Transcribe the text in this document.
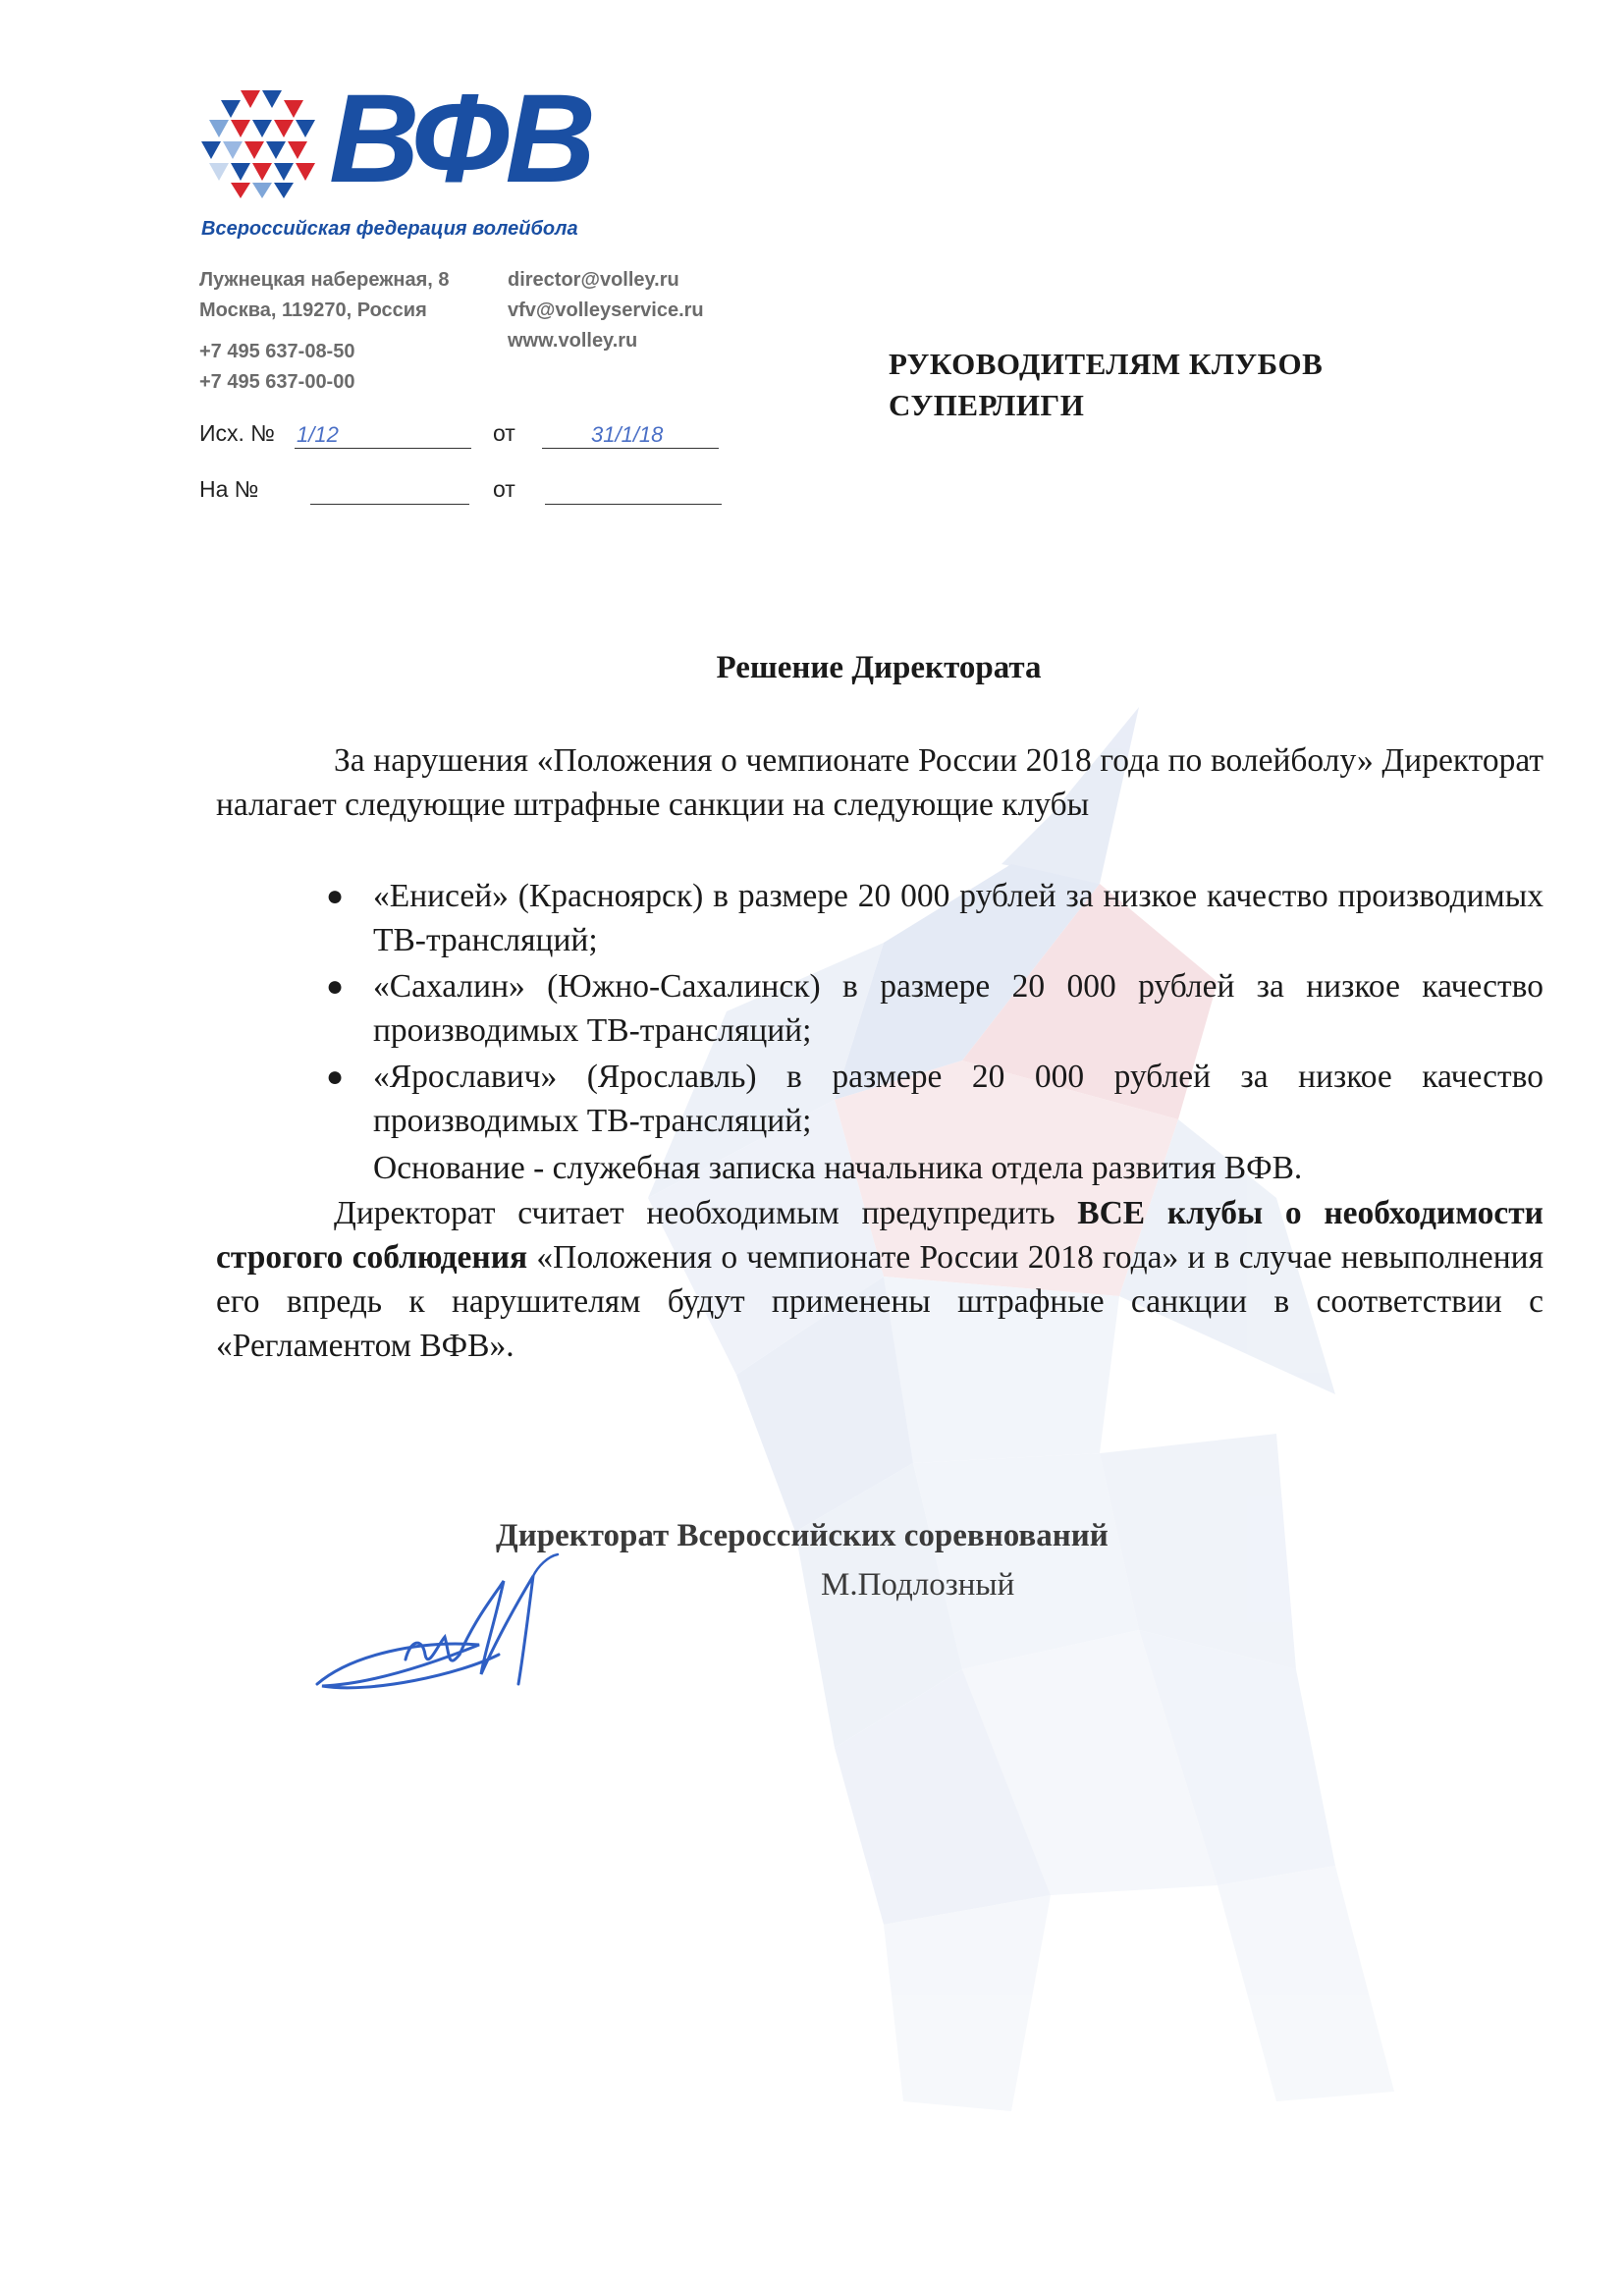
ВФВ
Всероссийская федерация волейбола
Лужнецкая набережная, 8
Москва, 119270, Россия
+7 495 637-08-50
+7 495 637-00-00
director@volley.ru
vfv@volleyservice.ru
www.volley.ru
Исх. № 1/12	от	31/1/18
На №	от
РУКОВОДИТЕЛЯМ КЛУБОВ
СУПЕРЛИГИ
Решение Директората
За нарушения «Положения о чемпионате России 2018 года по волейболу» Директорат налагает следующие штрафные санкции на следующие клубы
● «Енисей» (Красноярск) в размере 20 000 рублей за низкое качество производимых ТВ-трансляций;
● «Сахалин» (Южно-Сахалинск) в размере 20 000 рублей за низкое качество производимых ТВ-трансляций;
● «Ярославич» (Ярославль) в размере 20 000 рублей за низкое качество производимых ТВ-трансляций;
Основание - служебная записка начальника отдела развития ВФВ.
Директорат считает необходимым предупредить ВСЕ клубы о необходимости строгого соблюдения «Положения о чемпионате России 2018 года» и в случае невыполнения его впредь к нарушителям будут применены штрафные санкции в соответствии с «Регламентом ВФВ».
Директорат Всероссийских соревнований
М.Подлозный
